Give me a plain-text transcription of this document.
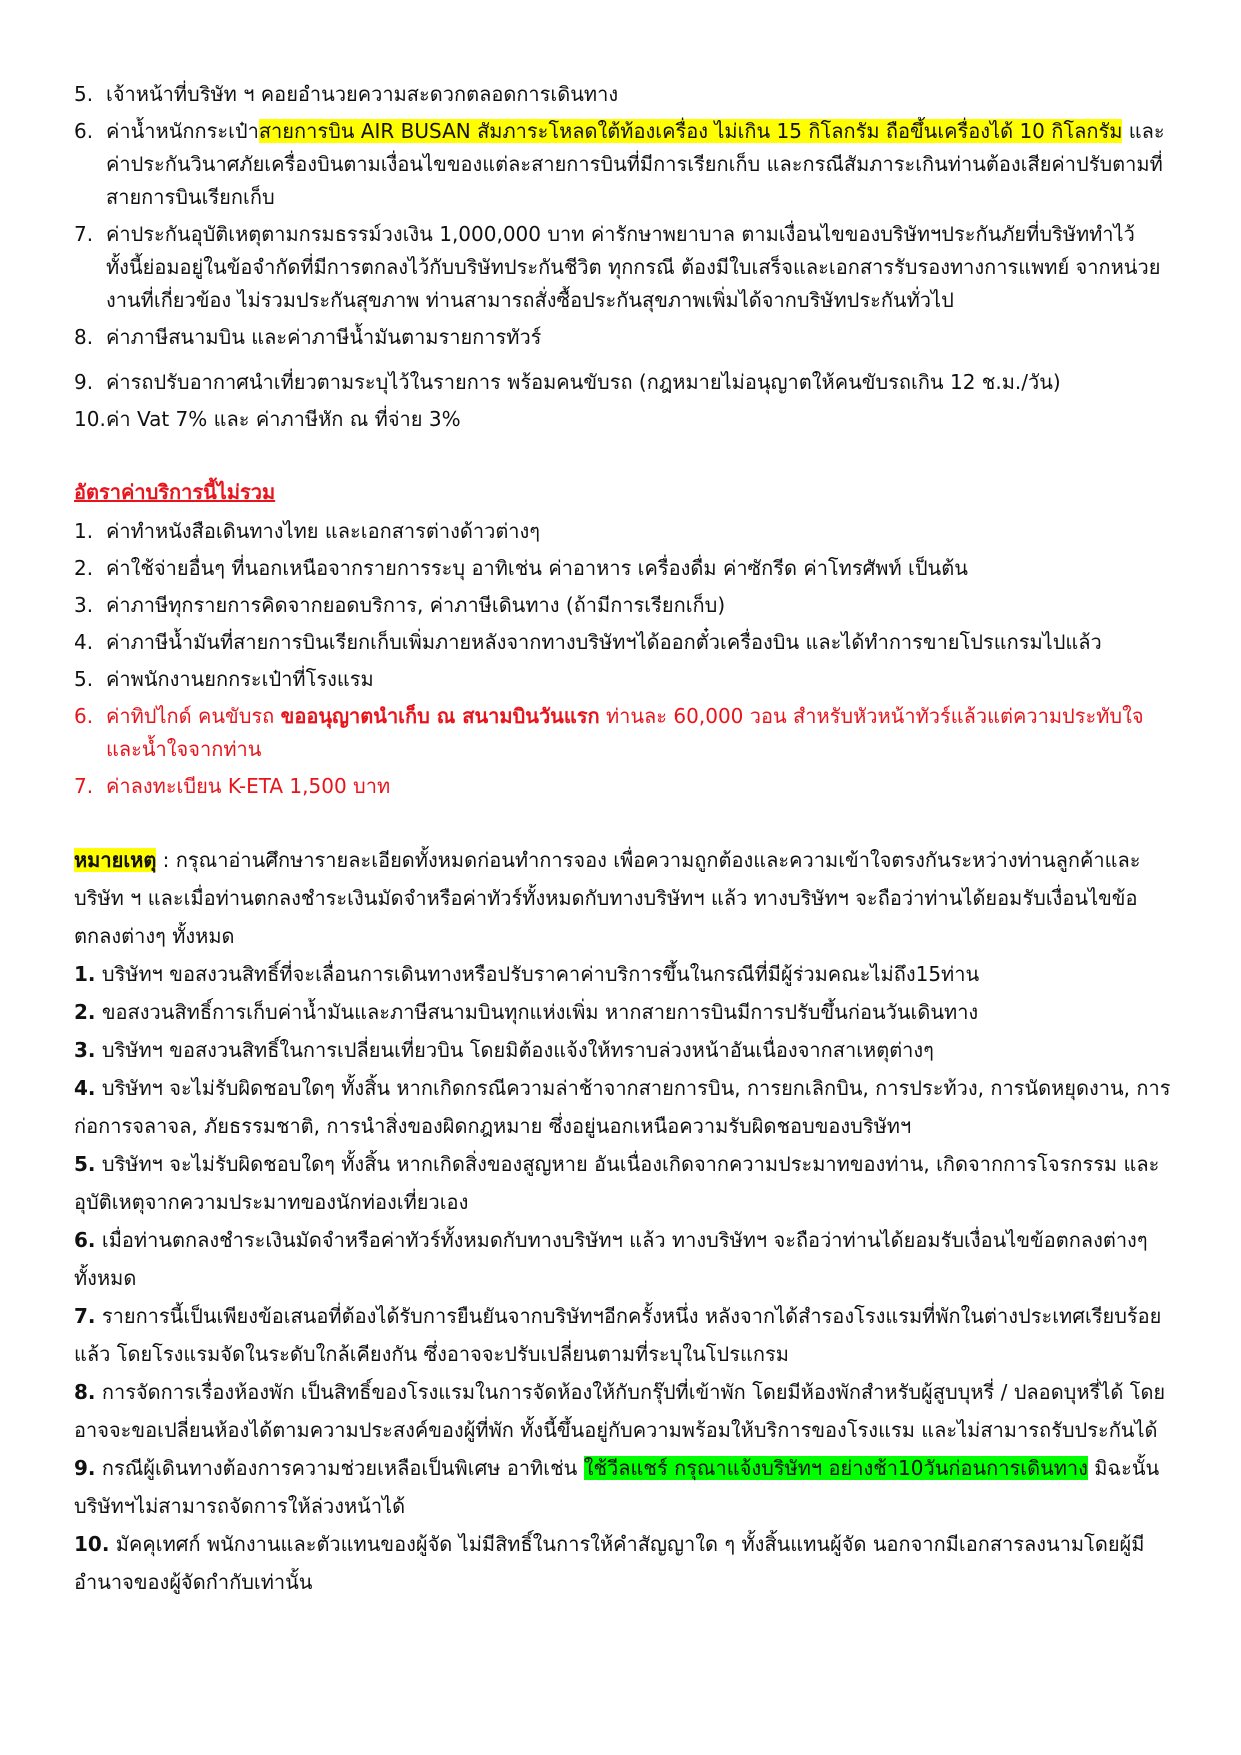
5. เจ้าหน้าที่บริษัท ฯ คอยอำนวยความสะดวกตลอดการเดินทาง
6. ค่าน้ำหนักกระเป๋าสายการบิน AIR BUSAN สัมภาระโหลดใต้ท้องเครื่อง ไม่เกิน 15 กิโลกรัม ถือขึ้นเครื่องได้ 10 กิโลกรัม และค่าประกันวินาศภัยเครื่องบินตามเงื่อนไขของแต่ละสายการบินที่มีการเรียกเก็บ และกรณีสัมภาระเกินท่านต้องเสียค่าปรับตามที่สายการบินเรียกเก็บ
7. ค่าประกันอุบัติเหตุตามกรมธรรม์วงเงิน 1,000,000 บาท ค่ารักษาพยาบาล ตามเงื่อนไขของบริษัทฯประกันภัยที่บริษัททำไว้ ทั้งนี้ย่อมอยู่ในข้อจำกัดที่มีการตกลงไว้กับบริษัทประกันชีวิต ทุกกรณี ต้องมีใบเสร็จและเอกสารรับรองทางการแพทย์ จากหน่วยงานที่เกี่ยวข้อง ไม่รวมประกันสุขภาพ ท่านสามารถสั่งซื้อประกันสุขภาพเพิ่มได้จากบริษัทประกันทั่วไป
8. ค่าภาษีสนามบิน และค่าภาษีน้ำมันตามรายการทัวร์
9. ค่ารถปรับอากาศนำเที่ยวตามระบุไว้ในรายการ พร้อมคนขับรถ (กฎหมายไม่อนุญาตให้คนขับรถเกิน 12 ช.ม./วัน)
10. ค่า Vat 7% และ ค่าภาษีหัก ณ ที่จ่าย 3%
อัตราค่าบริการนี้ไม่รวม
1. ค่าทำหนังสือเดินทางไทย และเอกสารต่างด้าวต่างๆ
2. ค่าใช้จ่ายอื่นๆ ที่นอกเหนือจากรายการระบุ อาทิเช่น ค่าอาหาร เครื่องดื่ม ค่าซักรีด ค่าโทรศัพท์ เป็นต้น
3. ค่าภาษีทุกรายการคิดจากยอดบริการ, ค่าภาษีเดินทาง (ถ้ามีการเรียกเก็บ)
4. ค่าภาษีน้ำมันที่สายการบินเรียกเก็บเพิ่มภายหลังจากทางบริษัทฯได้ออกตั๋วเครื่องบิน และได้ทำการขายโปรแกรมไปแล้ว
5. ค่าพนักงานยกกระเป๋าที่โรงแรม
6. ค่าทิปไกด์ คนขับรถ ขออนุญาตนำเก็บ ณ สนามบินวันแรก ท่านละ 60,000 วอน สำหรับหัวหน้าทัวร์แล้วแต่ความประทับใจและน้ำใจจากท่าน
7. ค่าลงทะเบียน K-ETA 1,500 บาท

หมายเหตุ : กรุณาอ่านศึกษารายละเอียดทั้งหมดก่อนทำการจอง เพื่อความถูกต้องและความเข้าใจตรงกันระหว่างท่านลูกค้าและบริษัท ฯ และเมื่อท่านตกลงชำระเงินมัดจำหรือค่าทัวร์ทั้งหมดกับทางบริษัทฯ แล้ว ทางบริษัทฯ จะถือว่าท่านได้ยอมรับเงื่อนไขข้อตกลงต่างๆ ทั้งหมด

1. บริษัทฯ ขอสงวนสิทธิ์ที่จะเลื่อนการเดินทางหรือปรับราคาค่าบริการขึ้นในกรณีที่มีผู้ร่วมคณะไม่ถึง15ท่าน

2. ขอสงวนสิทธิ์การเก็บค่าน้ำมันและภาษีสนามบินทุกแห่งเพิ่ม หากสายการบินมีการปรับขึ้นก่อนวันเดินทาง

3. บริษัทฯ ขอสงวนสิทธิ์ในการเปลี่ยนเที่ยวบิน โดยมิต้องแจ้งให้ทราบล่วงหน้าอันเนื่องจากสาเหตุต่างๆ

4. บริษัทฯ จะไม่รับผิดชอบใดๆ ทั้งสิ้น หากเกิดกรณีความล่าช้าจากสายการบิน, การยกเลิกบิน, การประท้วง, การนัดหยุดงาน, การก่อการจลาจล, ภัยธรรมชาติ, การนำสิ่งของผิดกฎหมาย ซึ่งอยู่นอกเหนือความรับผิดชอบของบริษัทฯ

5. บริษัทฯ จะไม่รับผิดชอบใดๆ ทั้งสิ้น หากเกิดสิ่งของสูญหาย อันเนื่องเกิดจากความประมาทของท่าน, เกิดจากการโจรกรรม และอุบัติเหตุจากความประมาทของนักท่องเที่ยวเอง

6. เมื่อท่านตกลงชำระเงินมัดจำหรือค่าทัวร์ทั้งหมดกับทางบริษัทฯ แล้ว ทางบริษัทฯ จะถือว่าท่านได้ยอมรับเงื่อนไขข้อตกลงต่างๆ ทั้งหมด

7. รายการนี้เป็นเพียงข้อเสนอที่ต้องได้รับการยืนยันจากบริษัทฯอีกครั้งหนึ่ง หลังจากได้สำรองโรงแรมที่พักในต่างประเทศเรียบร้อยแล้ว โดยโรงแรมจัดในระดับใกล้เคียงกัน ซึ่งอาจจะปรับเปลี่ยนตามที่ระบุในโปรแกรม

8. การจัดการเรื่องห้องพัก เป็นสิทธิ์ของโรงแรมในการจัดห้องให้กับกรุ๊ปที่เข้าพัก โดยมีห้องพักสำหรับผู้สูบบุหรี่ / ปลอดบุหรี่ได้ โดยอาจจะขอเปลี่ยนห้องได้ตามความประสงค์ของผู้ที่พัก ทั้งนี้ขึ้นอยู่กับความพร้อมให้บริการของโรงแรม และไม่สามารถรับประกันได้

9. กรณีผู้เดินทางต้องการความช่วยเหลือเป็นพิเศษ อาทิเช่น ใช้วีลแชร์ กรุณาแจ้งบริษัทฯ อย่างช้า10วันก่อนการเดินทาง มิฉะนั้นบริษัทฯไม่สามารถจัดการให้ล่วงหน้าได้

10. มัคคุเทศก์ พนักงานและตัวแทนของผู้จัด ไม่มีสิทธิ์ในการให้คำสัญญาใด ๆ ทั้งสิ้นแทนผู้จัด นอกจากมีเอกสารลงนามโดยผู้มีอำนาจของผู้จัดกำกับเท่านั้น
